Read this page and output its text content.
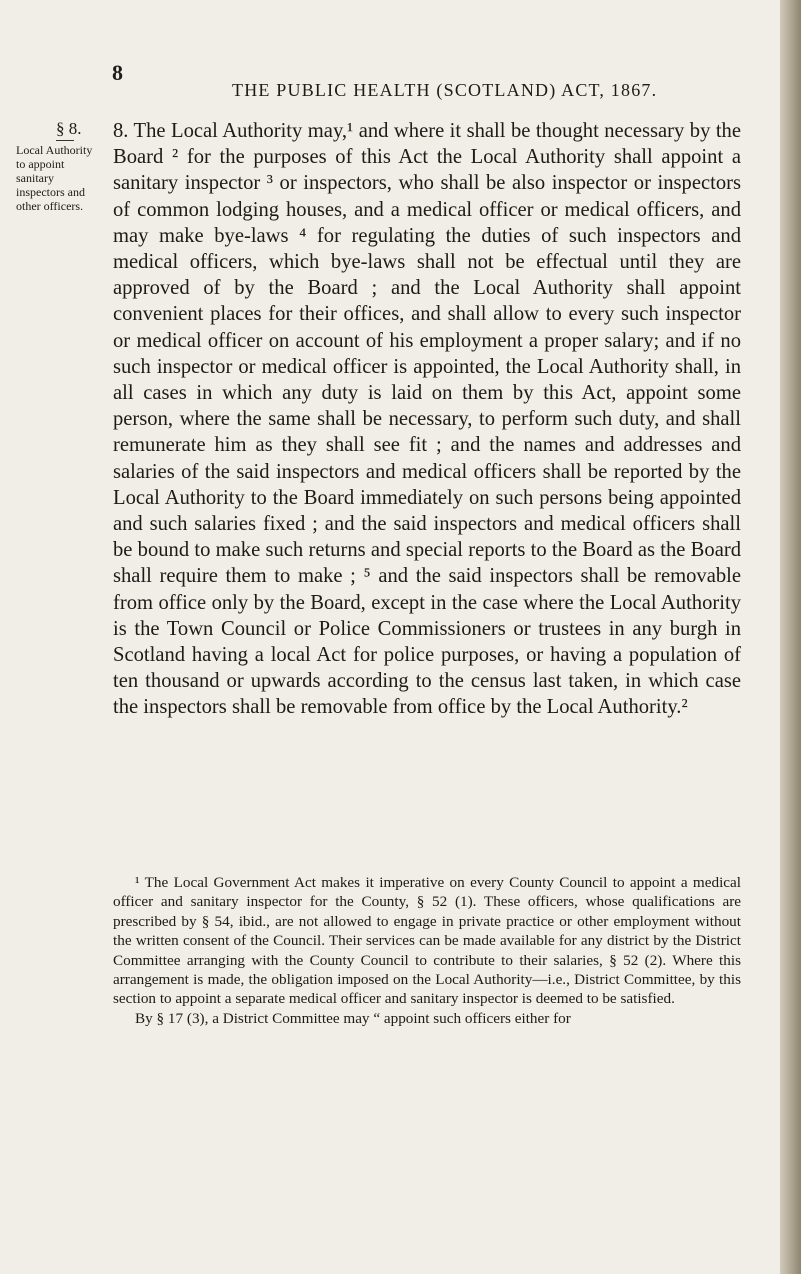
8
THE PUBLIC HEALTH (SCOTLAND) ACT, 1867.
§ 8.
Local Authority to appoint sanitary inspectors and other officers.

8. The Local Authority may,¹ and where it shall be thought necessary by the Board ² for the purposes of this Act the Local Authority shall appoint a sanitary inspector ³ or inspectors, who shall be also inspector or inspectors of common lodging houses, and a medical officer or medical officers, and may make bye-laws ⁴ for regulating the duties of such inspectors and medical officers, which bye-laws shall not be effectual until they are approved of by the Board ; and the Local Authority shall appoint convenient places for their offices, and shall allow to every such inspector or medical officer on account of his employment a proper salary; and if no such inspector or medical officer is appointed, the Local Authority shall, in all cases in which any duty is laid on them by this Act, appoint some person, where the same shall be necessary, to perform such duty, and shall remunerate him as they shall see fit ; and the names and addresses and salaries of the said inspectors and medical officers shall be reported by the Local Authority to the Board immediately on such persons being appointed and such salaries fixed ; and the said inspectors and medical officers shall be bound to make such returns and special reports to the Board as the Board shall require them to make ; ⁵ and the said inspectors shall be removable from office only by the Board, except in the case where the Local Authority is the Town Council or Police Commissioners or trustees in any burgh in Scotland having a local Act for police purposes, or having a population of ten thousand or upwards according to the census last taken, in which case the inspectors shall be removable from office by the Local Authority.²

¹ The Local Government Act makes it imperative on every County Council to appoint a medical officer and sanitary inspector for the County, § 52 (1). These officers, whose qualifications are prescribed by § 54, ibid., are not allowed to engage in private practice or other employment without the written consent of the Council. Their services can be made available for any district by the District Committee arranging with the County Council to contribute to their salaries, § 52 (2). Where this arrangement is made, the obligation imposed on the Local Authority—i.e., District Committee, by this section to appoint a separate medical officer and sanitary inspector is deemed to be satisfied.

By § 17 (3), a District Committee may “ appoint such officers either for
